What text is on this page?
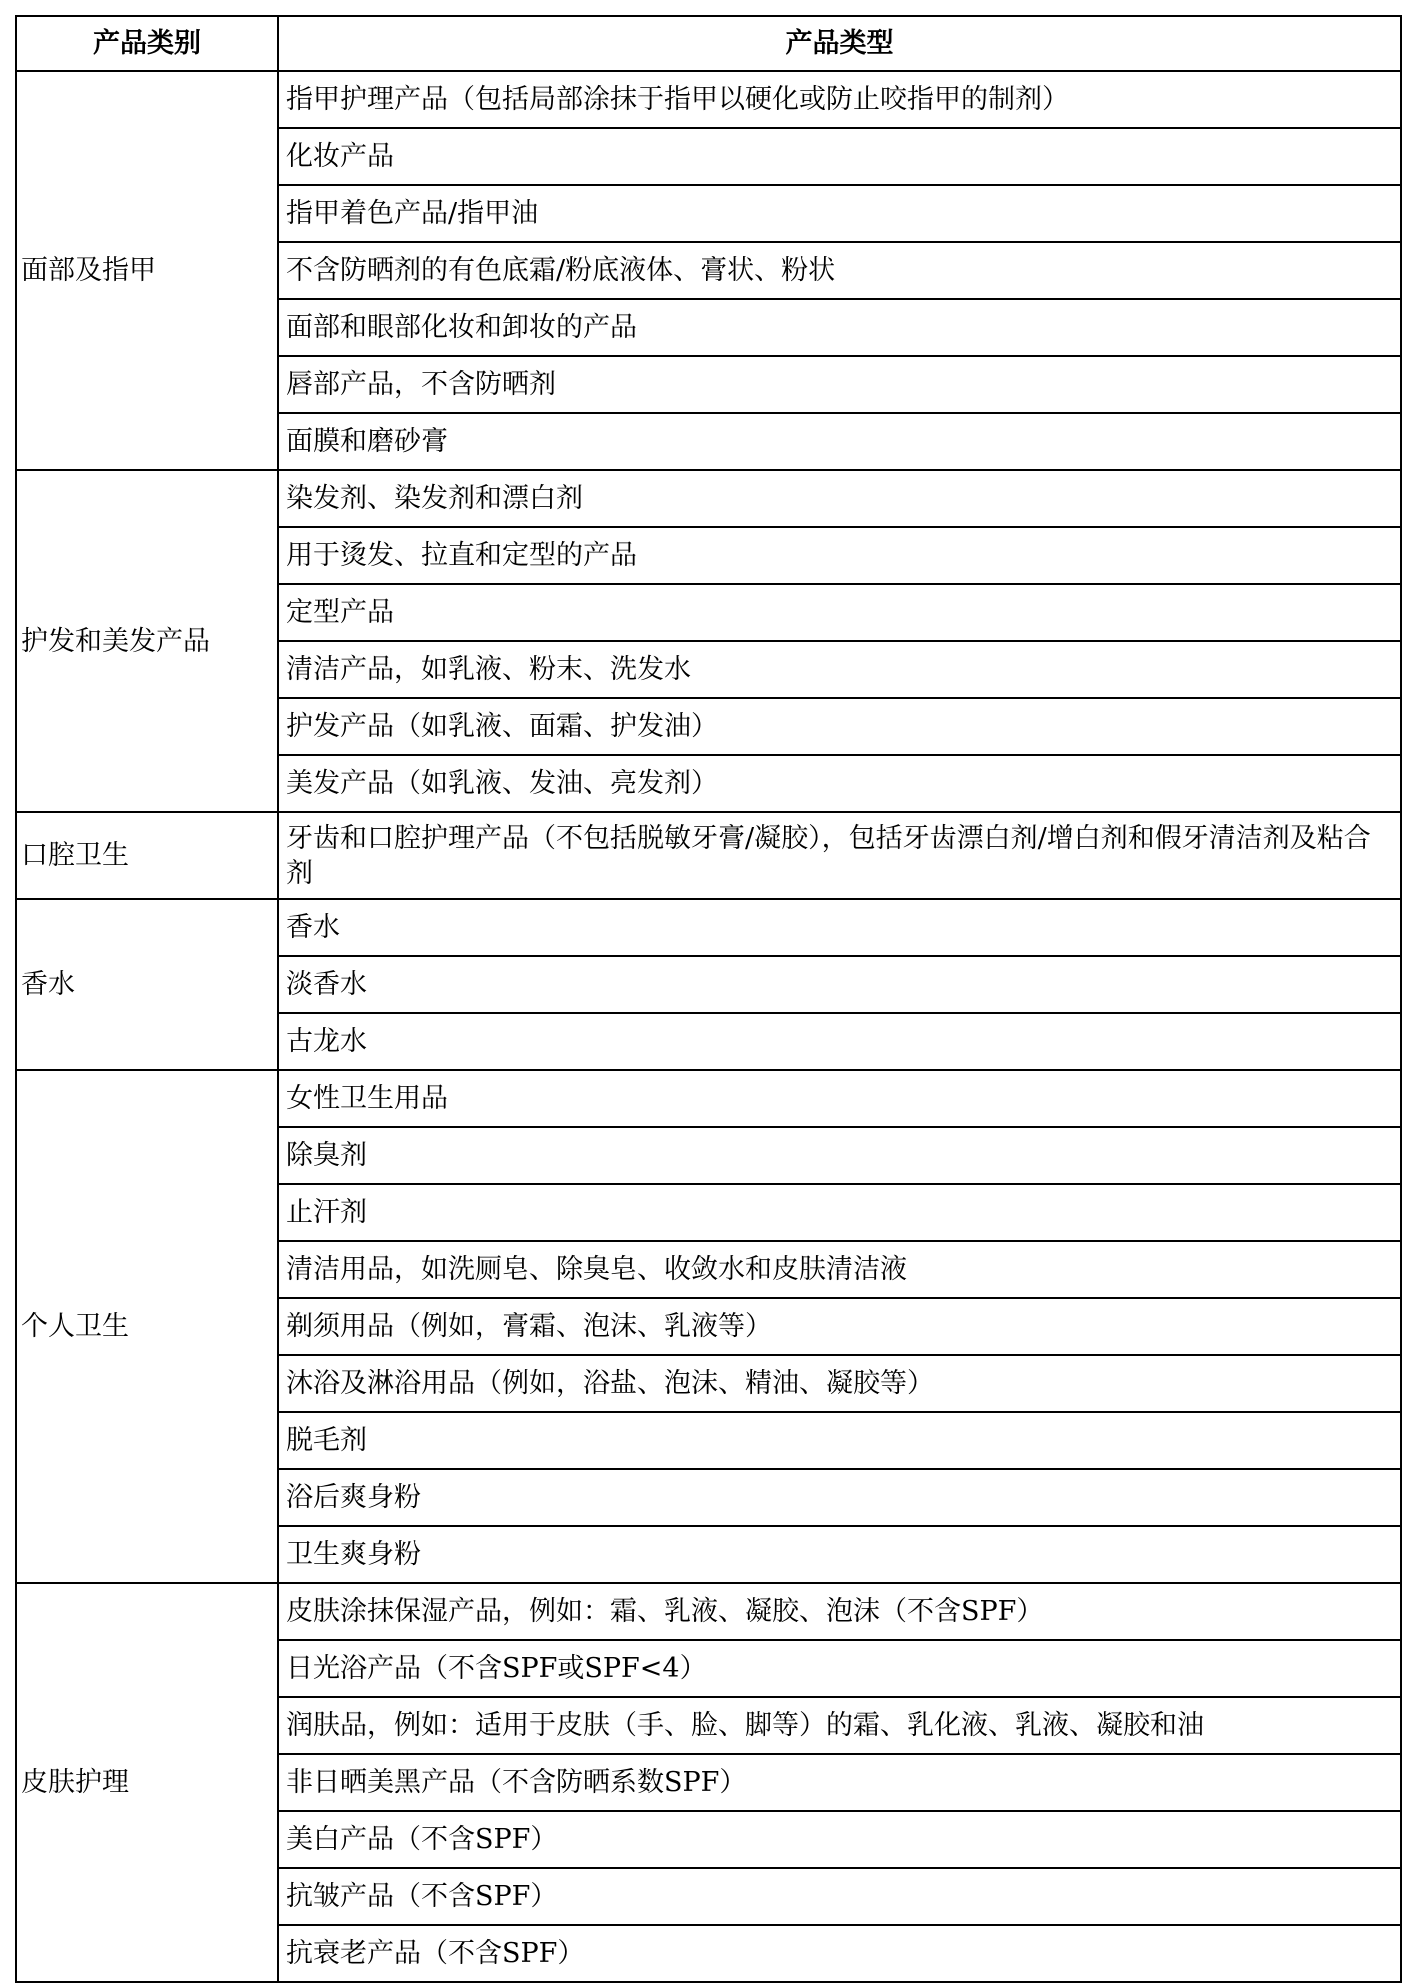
产品类别	产品类型
面部及指甲	指甲护理产品（包括局部涂抹于指甲以硬化或防止咬指甲的制剂）
	化妆产品
	指甲着色产品/指甲油
	不含防晒剂的有色底霜/粉底液体、膏状、粉状
	面部和眼部化妆和卸妆的产品
	唇部产品，不含防晒剂
	面膜和磨砂膏
护发和美发产品	染发剂、染发剂和漂白剂
	用于烫发、拉直和定型的产品
	定型产品
	清洁产品，如乳液、粉末、洗发水
	护发产品（如乳液、面霜、护发油）
	美发产品（如乳液、发油、亮发剂）
口腔卫生	牙齿和口腔护理产品（不包括脱敏牙膏/凝胶），包括牙齿漂白剂/增白剂和假牙清洁剂及粘合剂
香水	香水
	淡香水
	古龙水
个人卫生	女性卫生用品
	除臭剂
	止汗剂
	清洁用品，如洗厕皂、除臭皂、收敛水和皮肤清洁液
	剃须用品（例如，膏霜、泡沫、乳液等）
	沐浴及淋浴用品（例如，浴盐、泡沫、精油、凝胶等）
	脱毛剂
	浴后爽身粉
	卫生爽身粉
皮肤护理	皮肤涂抹保湿产品，例如：霜、乳液、凝胶、泡沫（不含SPF）
	日光浴产品（不含SPF或SPF<4）
	润肤品，例如：适用于皮肤（手、脸、脚等）的霜、乳化液、乳液、凝胶和油
	非日晒美黑产品（不含防晒系数SPF）
	美白产品（不含SPF）
	抗皱产品（不含SPF）
	抗衰老产品（不含SPF）
